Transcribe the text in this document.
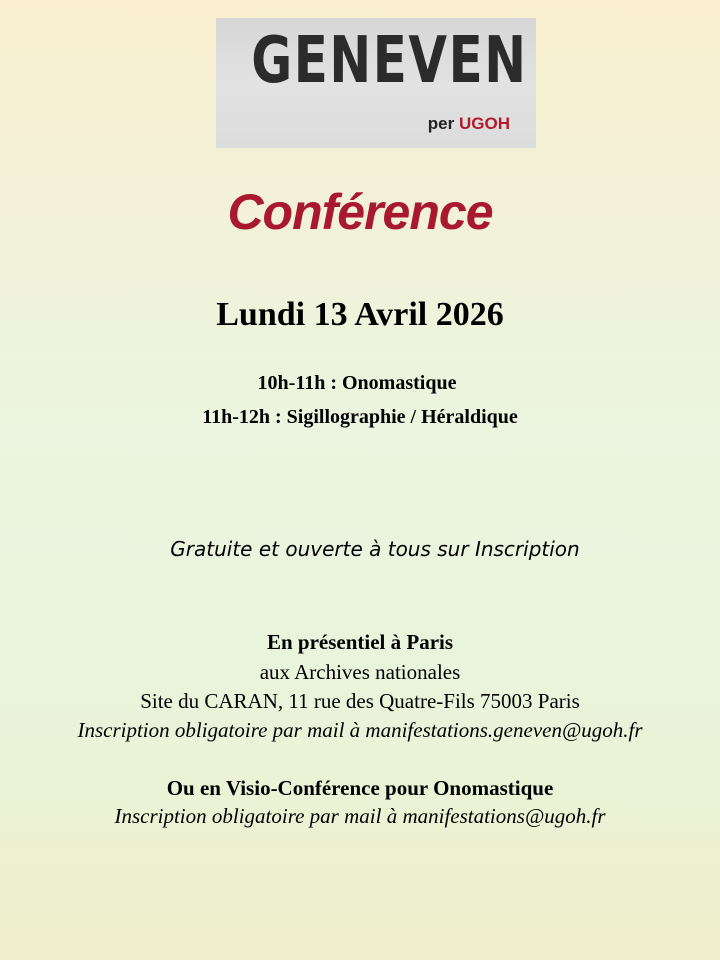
GENEVEN
per UGOH
Conférence
Lundi 13 Avril 2026
10h-11h : Onomastique
11h-12h : Sigillographie / Héraldique
Gratuite et ouverte à tous sur Inscription
En présentiel à Paris
aux Archives nationales
Site du CARAN, 11 rue des Quatre-Fils 75003 Paris
Inscription obligatoire par mail à manifestations.geneven@ugoh.fr
Ou en Visio-Conférence pour Onomastique
Inscription obligatoire par mail à manifestations@ugoh.fr
